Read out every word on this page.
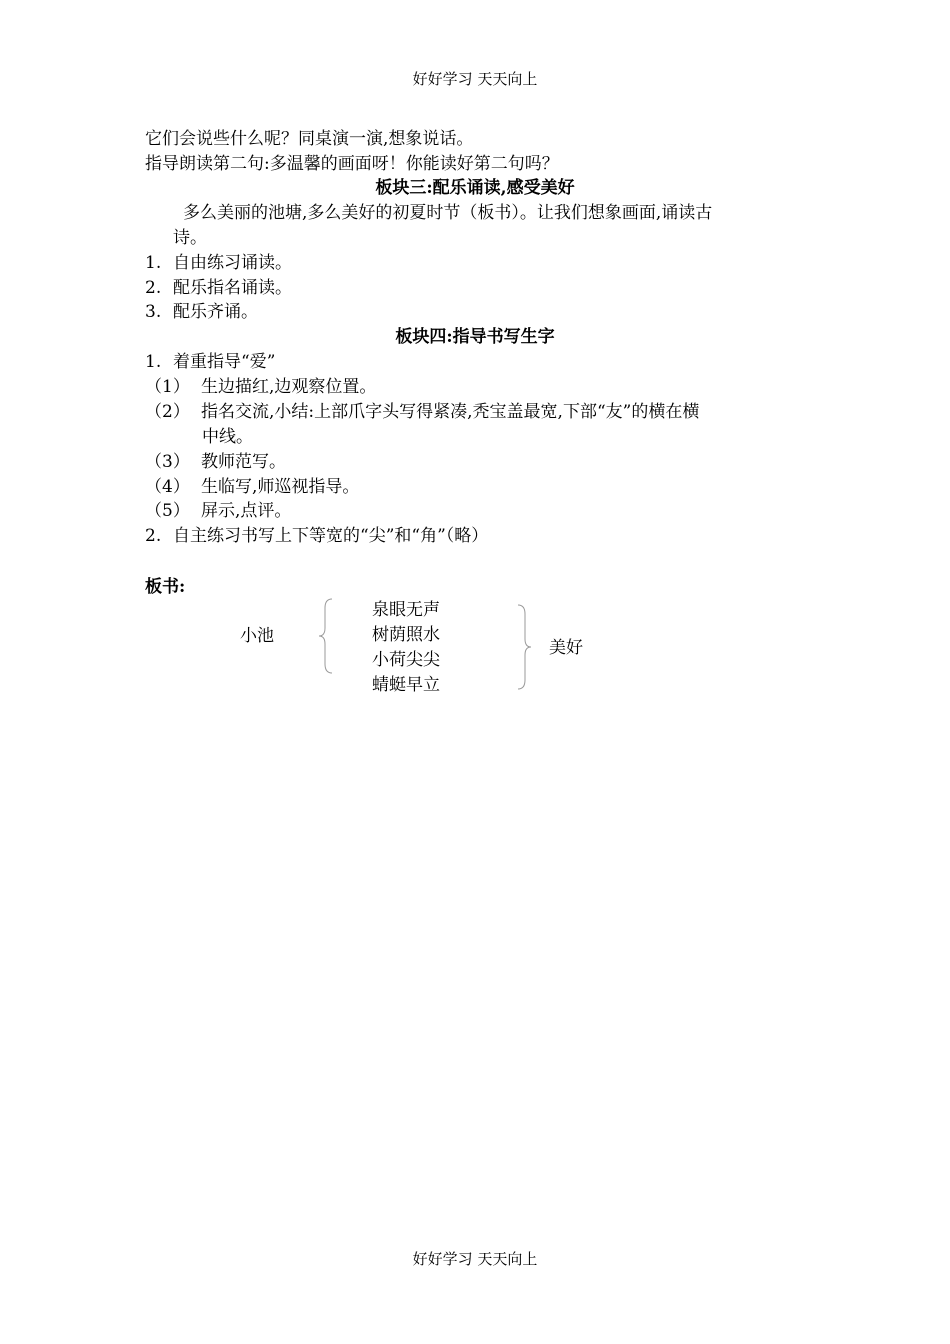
好好学习 天天向上
它们会说些什么呢？同桌演一演,想象说话。
指导朗读第二句:多温馨的画面呀！你能读好第二句吗？
板块三:配乐诵读,感受美好
多么美丽的池塘,多么美好的初夏时节（板书）。让我们想象画面,诵读古
诗。
1. 自由练习诵读。
2. 配乐指名诵读。
3. 配乐齐诵。
板块四:指导书写生字
1. 着重指导“爱”
（1） 生边描红,边观察位置。
（2） 指名交流,小结:上部爪字头写得紧凑,秃宝盖最宽,下部“友”的横在横
中线。
（3） 教师范写。
（4） 生临写,师巡视指导。
（5） 屏示,点评。
2. 自主练习书写上下等宽的“尖”和“角”（略）
板书:
小池
泉眼无声
树荫照水
小荷尖尖
蜻蜓早立
美好
好好学习 天天向上
